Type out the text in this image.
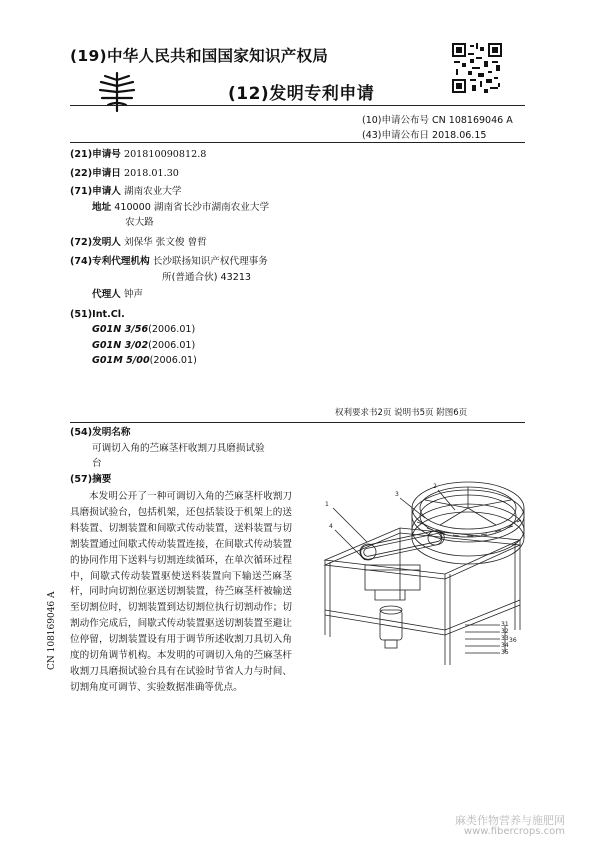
(19)中华人民共和国国家知识产权局
(12)发明专利申请
(10)申请公布号 CN 108169046 A
(43)申请公布日 2018.06.15
(21)申请号 201810090812.8
(22)申请日 2018.01.30
(71)申请人 湖南农业大学
地址 410000 湖南省长沙市湖南农业大学
农大路
(72)发明人 刘保华 张文俊 曾哲
(74)专利代理机构 长沙联扬知识产权代理事务
所(普通合伙) 43213
代理人 钟声
(51)Int.Cl.
G01N 3/56(2006.01)
G01N 3/02(2006.01)
G01M 5/00(2006.01)
权利要求书2页 说明书5页 附图6页
(54)发明名称
可调切入角的苎麻茎杆收割刀具磨损试验
台
(57)摘要
本发明公开了一种可调切入角的苎麻茎杆收割刀具磨损试验台，包括机架，还包括装设于机架上的送料装置、切割装置和间歇式传动装置，送料装置与切割装置通过间歇式传动装置连接，在间歇式传动装置的协同作用下送料与切割连续循环，在单次循环过程中，间歇式传动装置驱使送料装置向下输送苎麻茎杆，同时向切割位驱送切割装置，待苎麻茎杆被输送至切割位时，切割装置到达切割位执行切割动作；切割动作完成后，间歇式传动装置驱送切割装置至避让位停留，切割装置设有用于调节所述收割刀具切入角度的切角调节机构。本发明的可调切入角的苎麻茎杆收割刀具磨损试验台具有在试验时节省人力与时间、切割角度可调节、实验数据准确等优点。
CN 108169046 A
1
4
3
2
31
32
33
34
35
36
麻类作物营养与施肥网
www.fibercrops.com
